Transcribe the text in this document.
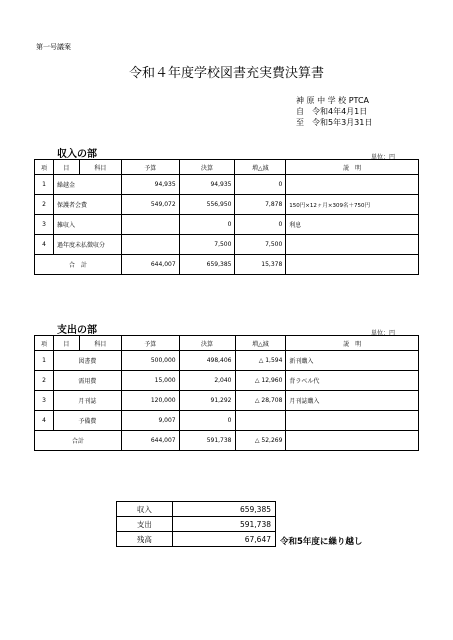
第一号議案
令和４年度学校図書充実費決算書
神 原 中 学 校 PTCA
自　令和4年4月1日
至　令和5年3月31日
収入の部	単位：円
項	目	科目	予算	決算	増△減	説　明
1	繰越金		94,935	94,935	0	
2	保護者会費		549,072	556,950	7,878	150円×12ヶ月×309名＋750円
3	雑収入			0	0	利息
4	過年度未払徴収分			7,500	7,500	
合　計			644,007	659,385	15,378	
支出の部	単位：円
項	目	科目	予算	決算	増△減	説　明
1	図書費		500,000	498,406	△ 1,594	新刊購入
2	需用費		15,000	2,040	△ 12,960	背ラベル代
3	月刊誌		120,000	91,292	△ 28,708	月刊誌購入
4	予備費		9,007	0		
合計			644,007	591,738	△ 52,269	
収入	659,385
支出	591,738
残高	67,647 令和5年度に繰り越し
